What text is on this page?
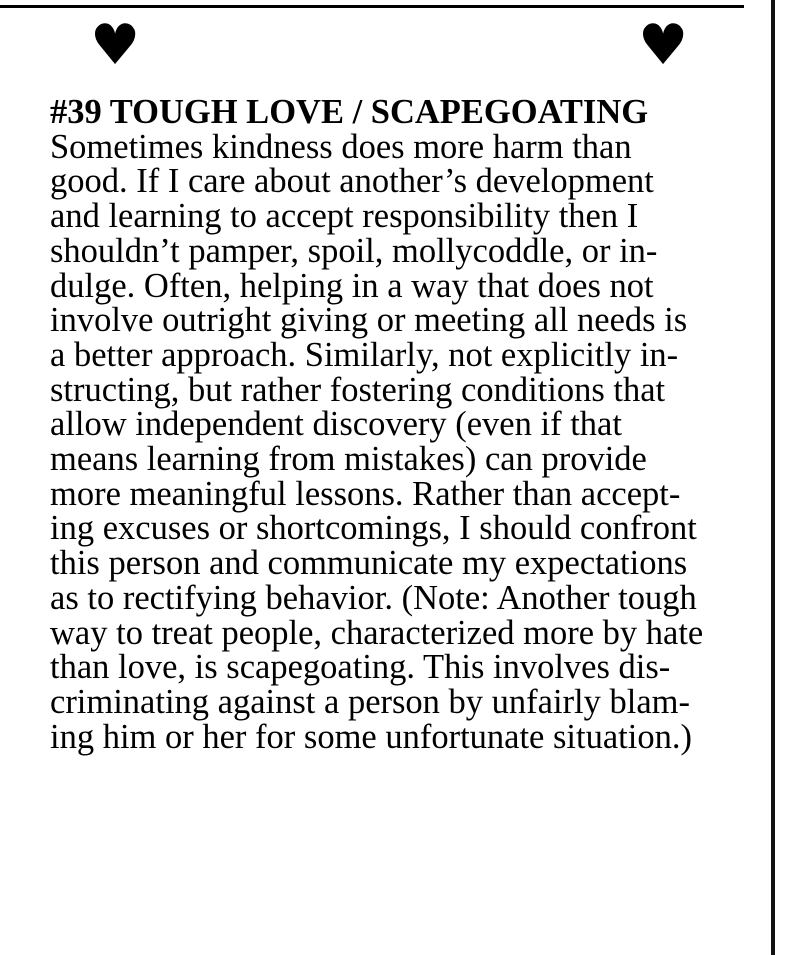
♥	♥
#39 TOUGH LOVE / SCAPEGOATING
Sometimes kindness does more harm than
good. If I care about another’s development
and learning to accept responsibility then I
shouldn’t pamper, spoil, mollycoddle, or in-
dulge. Often, helping in a way that does not
involve outright giving or meeting all needs is
a better approach. Similarly, not explicitly in-
structing, but rather fostering conditions that
allow independent discovery (even if that
means learning from mistakes) can provide
more meaningful lessons. Rather than accept-
ing excuses or shortcomings, I should confront
this person and communicate my expectations
as to rectifying behavior. (Note: Another tough
way to treat people, characterized more by hate
than love, is scapegoating. This involves dis-
criminating against a person by unfairly blam-
ing him or her for some unfortunate situation.)
